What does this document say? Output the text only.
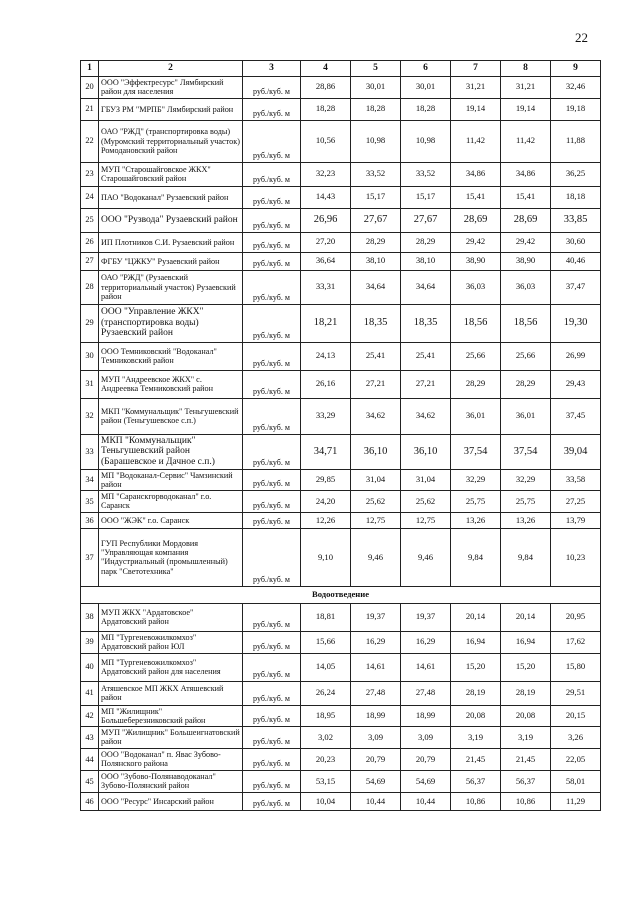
22
1	2	3	4	5	6	7	8	9
20	ООО "Эффектресурс" Лямбирский район для населения	руб./куб. м	28,86	30,01	30,01	31,21	31,21	32,46
21	ГБУЗ РМ "МРПБ" Лямбирский район	руб./куб. м	18,28	18,28	18,28	19,14	19,14	19,18
22	ОАО "РЖД" (транспортировка воды) (Муромский территориальный участок) Ромодановский район	руб./куб. м	10,56	10,98	10,98	11,42	11,42	11,88
23	МУП "Старошайговское ЖКХ" Старошайговский район	руб./куб. м	32,23	33,52	33,52	34,86	34,86	36,25
24	ПАО "Водоканал" Рузаевский район	руб./куб. м	14,43	15,17	15,17	15,41	15,41	18,18
25	ООО "Рузвода" Рузаевский район	руб./куб. м	26,96	27,67	27,67	28,69	28,69	33,85
26	ИП Плотников С.И. Рузаевский район	руб./куб. м	27,20	28,29	28,29	29,42	29,42	30,60
27	ФГБУ "ЦЖКУ" Рузаевский район	руб./куб. м	36,64	38,10	38,10	38,90	38,90	40,46
28	ОАО "РЖД" (Рузаевский территориальный участок) Рузаевский район	руб./куб. м	33,31	34,64	34,64	36,03	36,03	37,47
29	ООО "Управление ЖКХ" (транспортировка воды) Рузаевский район	руб./куб. м	18,21	18,35	18,35	18,56	18,56	19,30
30	ООО Темниковский "Водоканал" Темниковский район	руб./куб. м	24,13	25,41	25,41	25,66	25,66	26,99
31	МУП "Андреевское ЖКХ" с. Андреевка Темниковский район	руб./куб. м	26,16	27,21	27,21	28,29	28,29	29,43
32	МКП "Коммунальщик" Теньгушевский район (Теньгушевское с.п.)	руб./куб. м	33,29	34,62	34,62	36,01	36,01	37,45
33	МКП "Коммунальщик" Теньгушевский район (Барашевское и Дачное с.п.)	руб./куб. м	34,71	36,10	36,10	37,54	37,54	39,04
34	МП "Водоканал-Сервис" Чамзинский район	руб./куб. м	29,85	31,04	31,04	32,29	32,29	33,58
35	МП "Саранскгорводоканал" г.о. Саранск	руб./куб. м	24,20	25,62	25,62	25,75	25,75	27,25
36	ООО "ЖЭК" г.о. Саранск	руб./куб. м	12,26	12,75	12,75	13,26	13,26	13,79
37	ГУП Республики Мордовия "Управляющая компания "Индустриальный (промышленный) парк "Светотехника"	руб./куб. м	9,10	9,46	9,46	9,84	9,84	10,23
Водоотведение								
38	МУП ЖКХ "Ардатовское" Ардатовский район	руб./куб. м	18,81	19,37	19,37	20,14	20,14	20,95
39	МП "Тургеневожилкомхоз" Ардатовский район ЮЛ	руб./куб. м	15,66	16,29	16,29	16,94	16,94	17,62
40	МП "Тургеневожилкомхоз" Ардатовский район для населения	руб./куб. м	14,05	14,61	14,61	15,20	15,20	15,80
41	Атяшевское МП ЖКХ Атяшевский район	руб./куб. м	26,24	27,48	27,48	28,19	28,19	29,51
42	МП "Жилищник" Большеберезниковский район	руб./куб. м	18,95	18,99	18,99	20,08	20,08	20,15
43	МУП "Жилищник" Большеигнатовский район	руб./куб. м	3,02	3,09	3,09	3,19	3,19	3,26
44	ООО "Водоканал" п. Явас Зубово-Полянского района	руб./куб. м	20,23	20,79	20,79	21,45	21,45	22,05
45	ООО "Зубово-Полянаводоканал" Зубово-Полянский район	руб./куб. м	53,15	54,69	54,69	56,37	56,37	58,01
46	ООО "Ресурс" Инсарский район	руб./куб. м	10,04	10,44	10,44	10,86	10,86	11,29
